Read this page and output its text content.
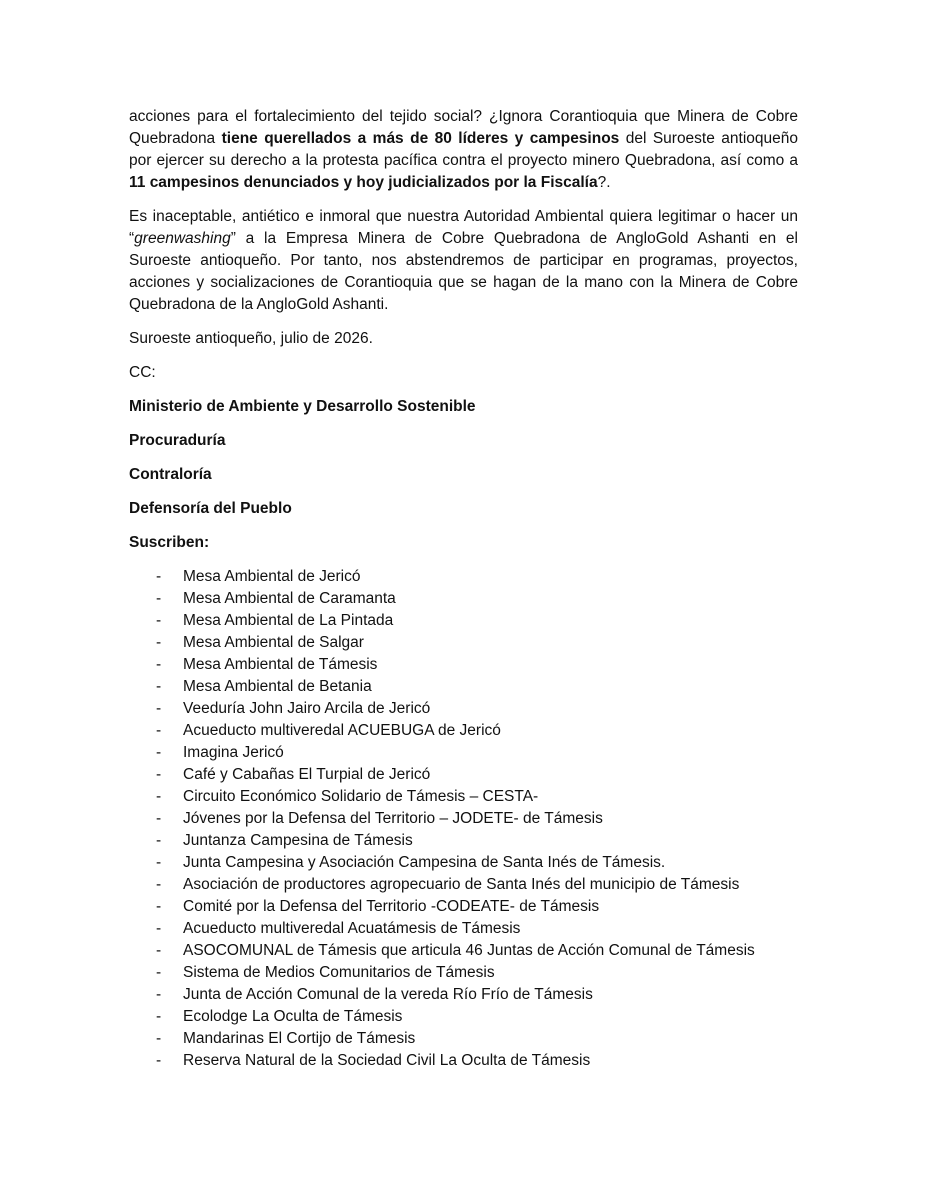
acciones para el fortalecimiento del tejido social? ¿Ignora Corantioquia que Minera de Cobre Quebradona tiene querellados a más de 80 líderes y campesinos del Suroeste antioqueño por ejercer su derecho a la protesta pacífica contra el proyecto minero Quebradona, así como a 11 campesinos denunciados y hoy judicializados por la Fiscalía?.
Es inaceptable, antiético e inmoral que nuestra Autoridad Ambiental quiera legitimar o hacer un “greenwashing” a la Empresa Minera de Cobre Quebradona de AngloGold Ashanti en el Suroeste antioqueño. Por tanto, nos abstendremos de participar en programas, proyectos, acciones y socializaciones de Corantioquia que se hagan de la mano con la Minera de Cobre Quebradona de la AngloGold Ashanti.

Suroeste antioqueño, julio de 2026.

CC:

Ministerio de Ambiente y Desarrollo Sostenible

Procuraduría

Contraloría

Defensoría del Pueblo

Suscriben:

-	Mesa Ambiental de Jericó
-	Mesa Ambiental de Caramanta
-	Mesa Ambiental de La Pintada
-	Mesa Ambiental de Salgar
-	Mesa Ambiental de Támesis
-	Mesa Ambiental de Betania
-	Veeduría John Jairo Arcila de Jericó
-	Acueducto multiveredal ACUEBUGA de Jericó
-	Imagina Jericó
-	Café y Cabañas El Turpial de Jericó
-	Circuito Económico Solidario de Támesis – CESTA-
-	Jóvenes por la Defensa del Territorio – JODETE- de Támesis
-	Juntanza Campesina de Támesis
-	Junta Campesina y Asociación Campesina de Santa Inés de Támesis.
-	Asociación de productores agropecuario de Santa Inés del municipio de Támesis
-	Comité por la Defensa del Territorio -CODEATE- de Támesis
-	Acueducto multiveredal Acuatámesis de Támesis
-	ASOCOMUNAL de Támesis que articula 46 Juntas de Acción Comunal de Támesis
-	Sistema de Medios Comunitarios de Támesis
-	Junta de Acción Comunal de la vereda Río Frío de Támesis
-	Ecolodge La Oculta de Támesis
-	Mandarinas El Cortijo de Támesis
-	Reserva Natural de la Sociedad Civil La Oculta de Támesis
